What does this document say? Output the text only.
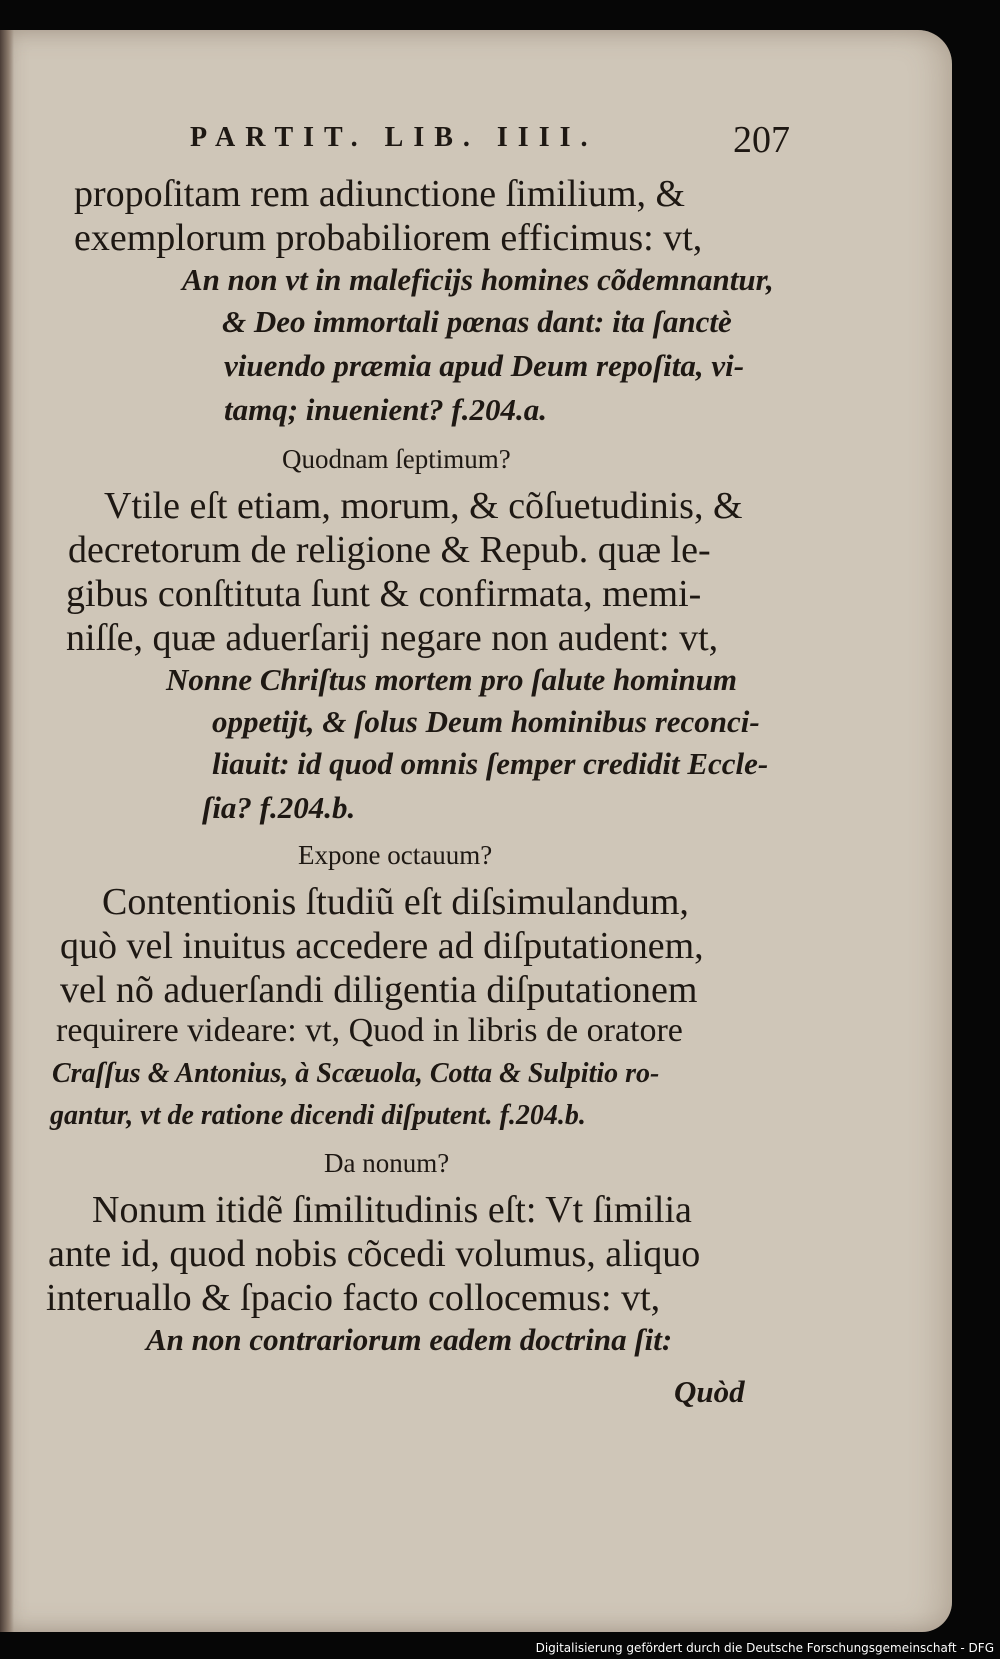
PARTIT. LIB. IIII.	207
propoſitam rem adiunctione ſimilium, &
exemplorum probabiliorem efficimus: vt,
An non vt in maleficijs homines cõdemnantur,
& Deo immortali pœnas dant: ita ſanctè
viuendo præmia apud Deum repoſita, vi-
tamq; inuenient? f.204.a.
Quodnam ſeptimum?
Vtile eſt etiam, morum, & cõſuetudinis, &
decretorum de religione & Repub. quæ le-
gibus conſtituta ſunt & confirmata, memi-
niſſe, quæ aduerſarij negare non audent: vt,
Nonne Chriſtus mortem pro ſalute hominum
oppetijt, & ſolus Deum hominibus reconci-
liauit: id quod omnis ſemper credidit Eccle-
ſia? f.204.b.
Expone octauum?
Contentionis ſtudiũ eſt diſsimulandum,
quò vel inuitus accedere ad diſputationem,
vel nõ aduerſandi diligentia diſputationem
requirere videare: vt, Quod in libris de oratore
Craſſus & Antonius, à Scæuola, Cotta & Sulpitio ro-
gantur, vt de ratione dicendi diſputent. f.204.b.
Da nonum?
Nonum itidẽ ſimilitudinis eſt: Vt ſimilia
ante id, quod nobis cõcedi volumus, aliquo
interuallo & ſpacio facto collocemus: vt,
An non contrariorum eadem doctrina ſit:
Quòd
Digitalisierung gefördert durch die Deutsche Forschungsgemeinschaft - DFG
